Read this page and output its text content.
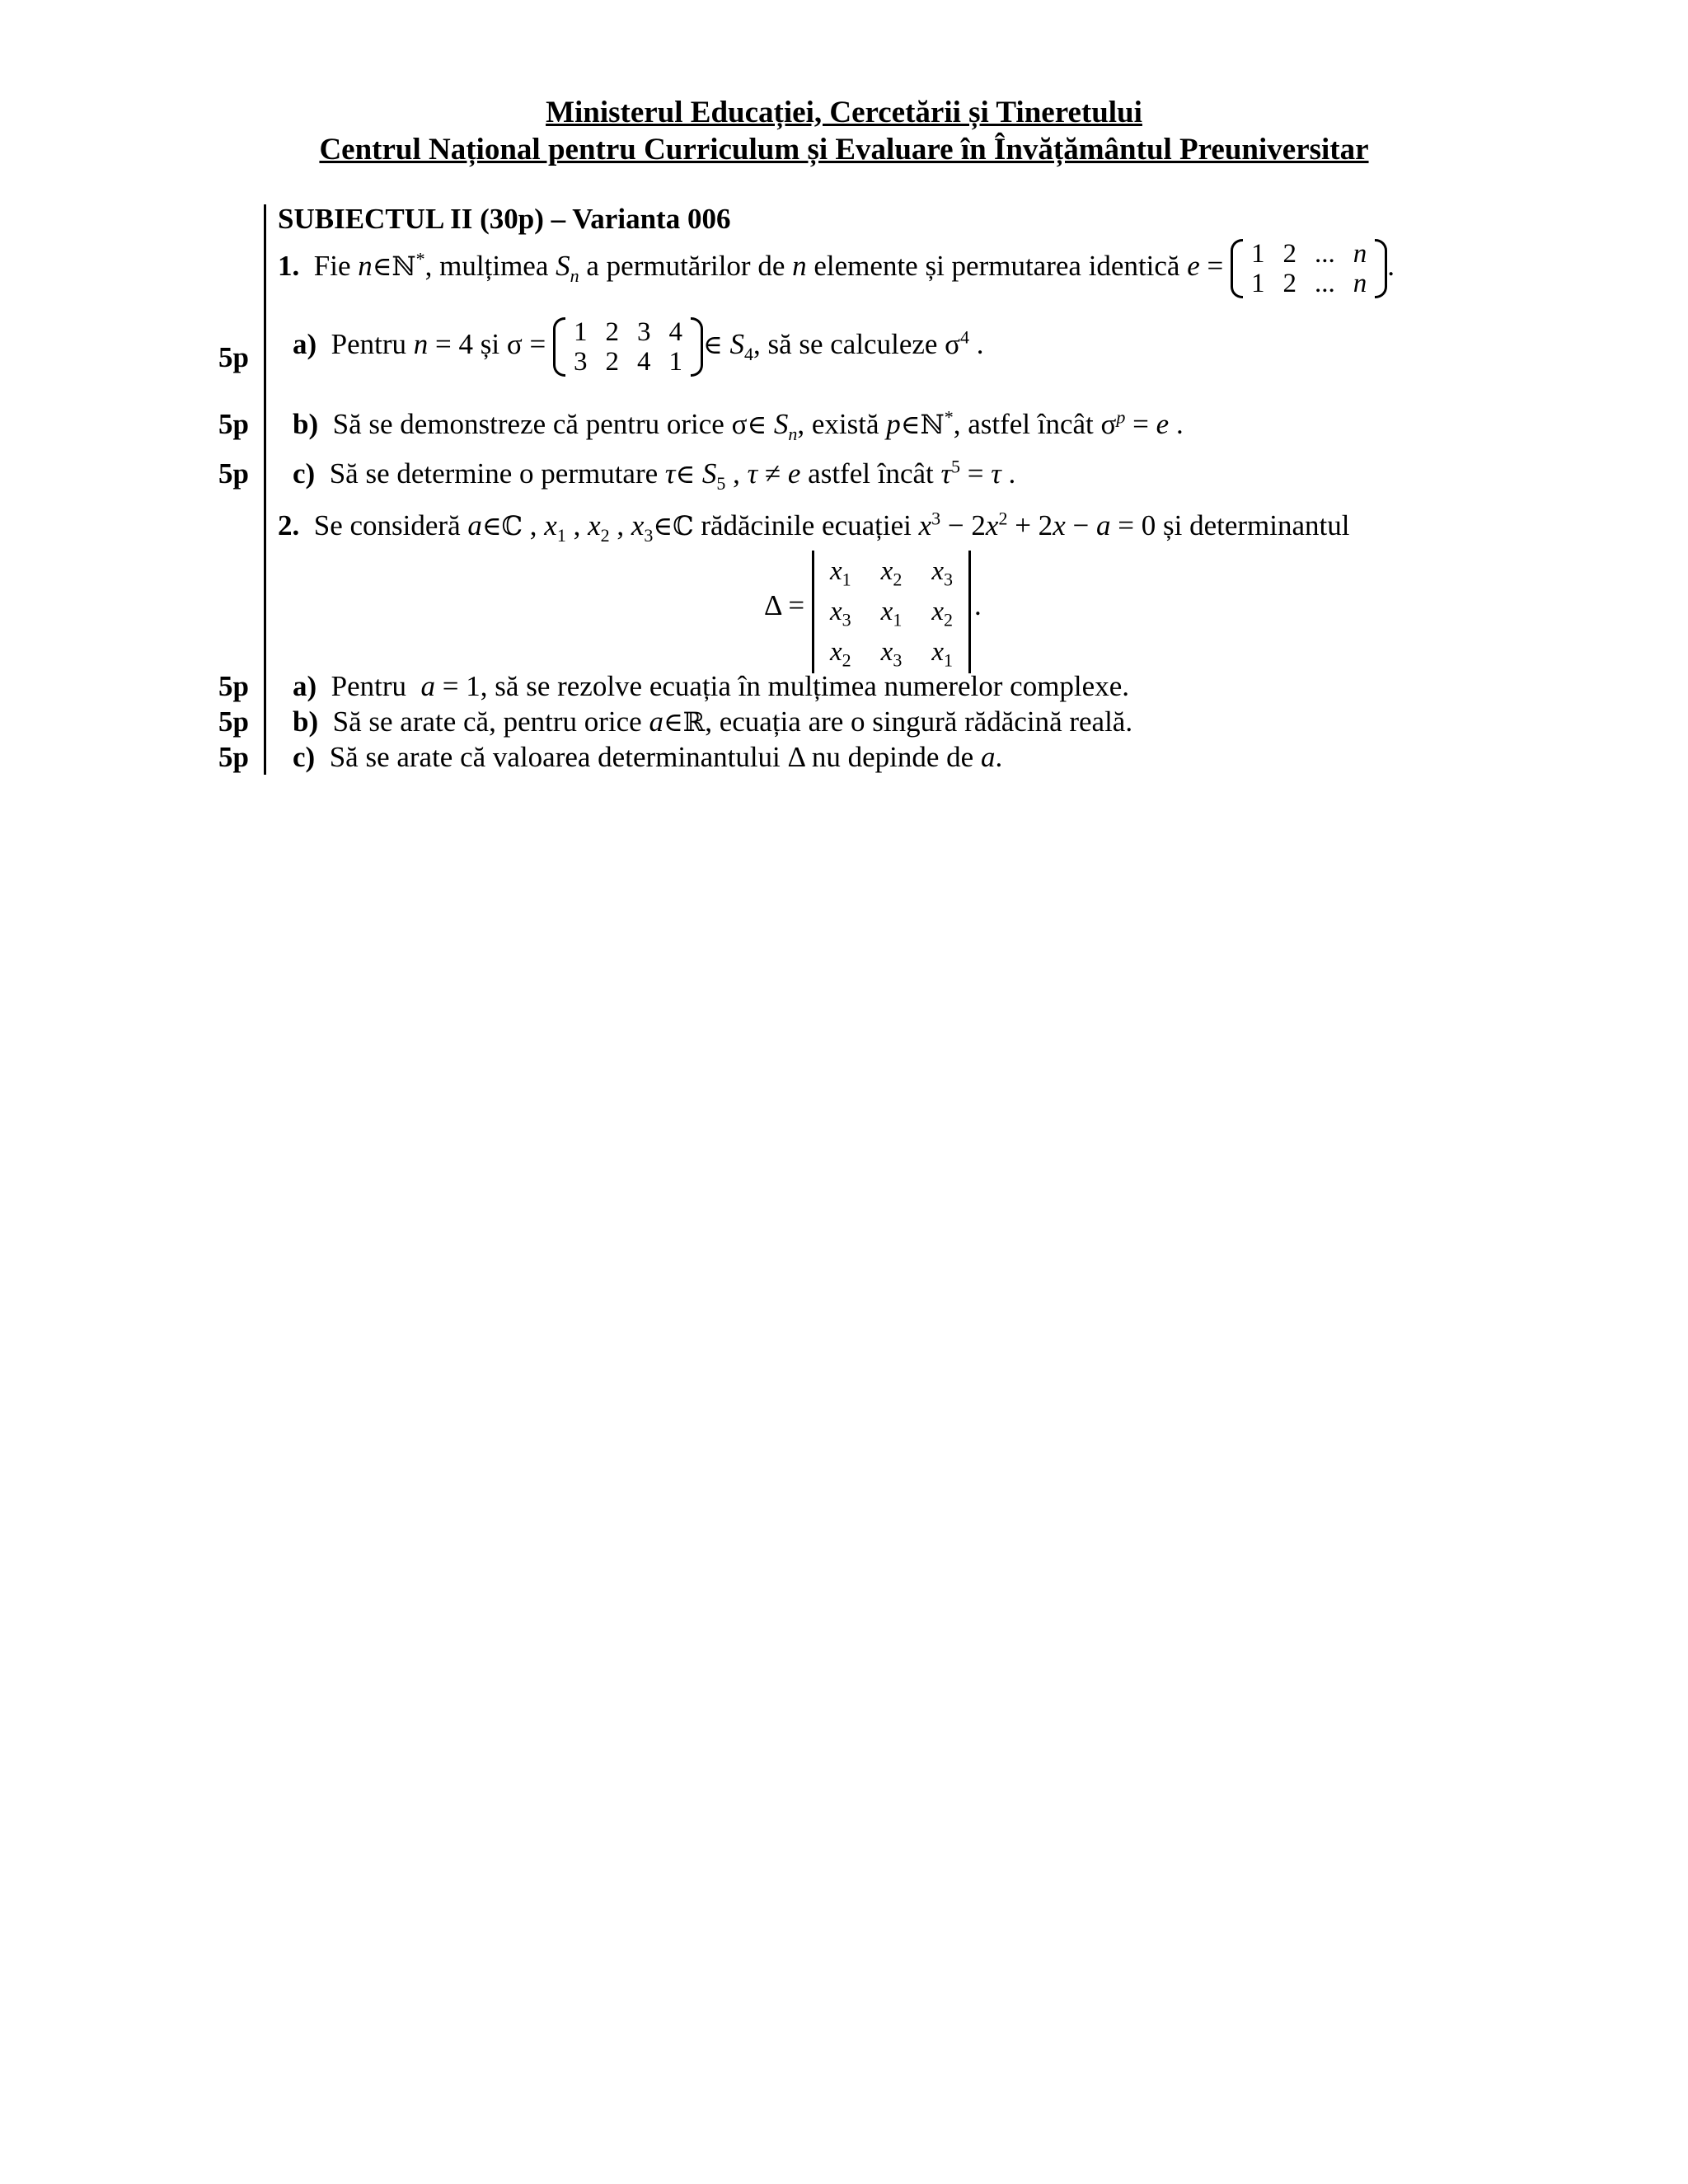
Ministerul Educației, Cercetării și Tineretului
Centrul Național pentru Curriculum și Evaluare în Învățământul Preuniversitar
5p
5p
5p
5p
5p
5p
SUBIECTUL II (30p) – Varianta 006
1. Fie n∈ℕ*, mulțimea $S_n$ a permutărilor de n elemente și permutarea identică e = 1	2	...	n
1	2	...	n
.
a) Pentru n = 4 și σ = 1	2	3	4
3	2	4	1
∈ $S_4$, să se calculeze $\sigma^4$ .
b) Să se demonstreze că pentru orice σ∈ $S_n$, există p∈ℕ*, astfel încât $\sigma^p = e$ .
c) Să se determine o permutare τ∈ $S_5$ , τ ≠ e astfel încât $\tau^5 = \tau$ .
2. Se consideră a∈ℂ , $x_1$ , $x_2$ , $x_3\in ℂ$ rădăcinile ecuației $x^3 - 2x^2 + 2x - a = 0$ și determinantul
Δ =
$x_1$	$x_2$	$x_3$
$x_3$	$x_1$	$x_2$
$x_2$	$x_3$	$x_1$
.
a) Pentru a = 1, să se rezolve ecuația în mulțimea numerelor complexe.
b) Să se arate că, pentru orice a∈ℝ, ecuația are o singură rădăcină reală.
c) Să se arate că valoarea determinantului Δ nu depinde de a.
